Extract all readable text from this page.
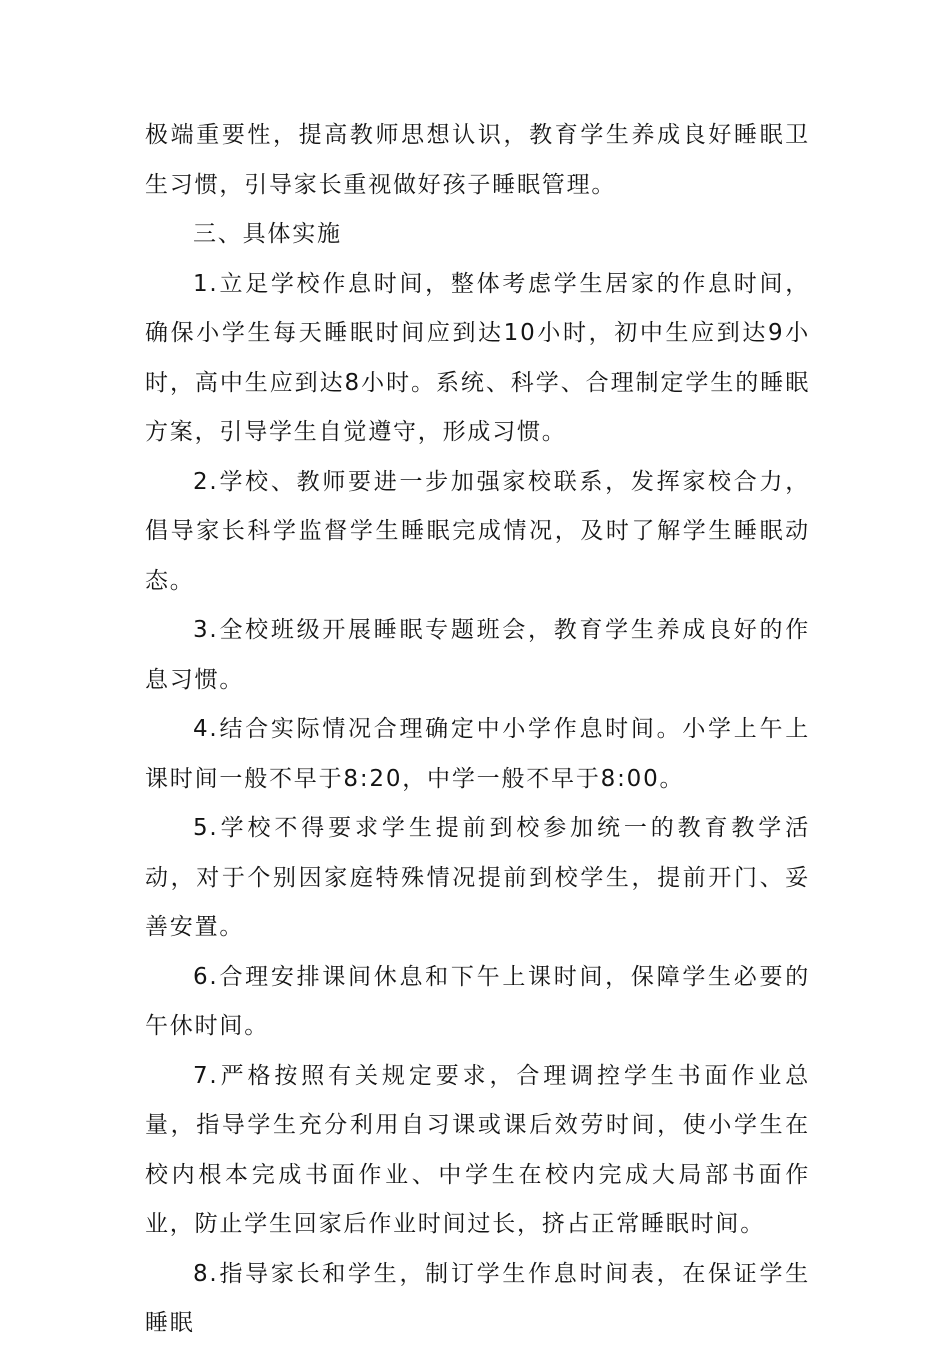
极端重要性，提高教师思想认识，教育学生养成良好睡眠卫生习惯，引导家长重视做好孩子睡眠管理。

三、具体实施

1.立足学校作息时间，整体考虑学生居家的作息时间，确保小学生每天睡眠时间应到达10小时，初中生应到达9小时，高中生应到达8小时。系统、科学、合理制定学生的睡眠方案，引导学生自觉遵守，形成习惯。

2.学校、教师要进一步加强家校联系，发挥家校合力，倡导家长科学监督学生睡眠完成情况，及时了解学生睡眠动态。

3.全校班级开展睡眠专题班会，教育学生养成良好的作息习惯。

4.结合实际情况合理确定中小学作息时间。小学上午上课时间一般不早于8:20，中学一般不早于8:00。

5.学校不得要求学生提前到校参加统一的教育教学活动，对于个别因家庭特殊情况提前到校学生，提前开门、妥善安置。

6.合理安排课间休息和下午上课时间，保障学生必要的午休时间。

7.严格按照有关规定要求，合理调控学生书面作业总量，指导学生充分利用自习课或课后效劳时间，使小学生在校内根本完成书面作业、中学生在校内完成大局部书面作业，防止学生回家后作业时间过长，挤占正常睡眠时间。

8.指导家长和学生，制订学生作息时间表，在保证学生睡眠
